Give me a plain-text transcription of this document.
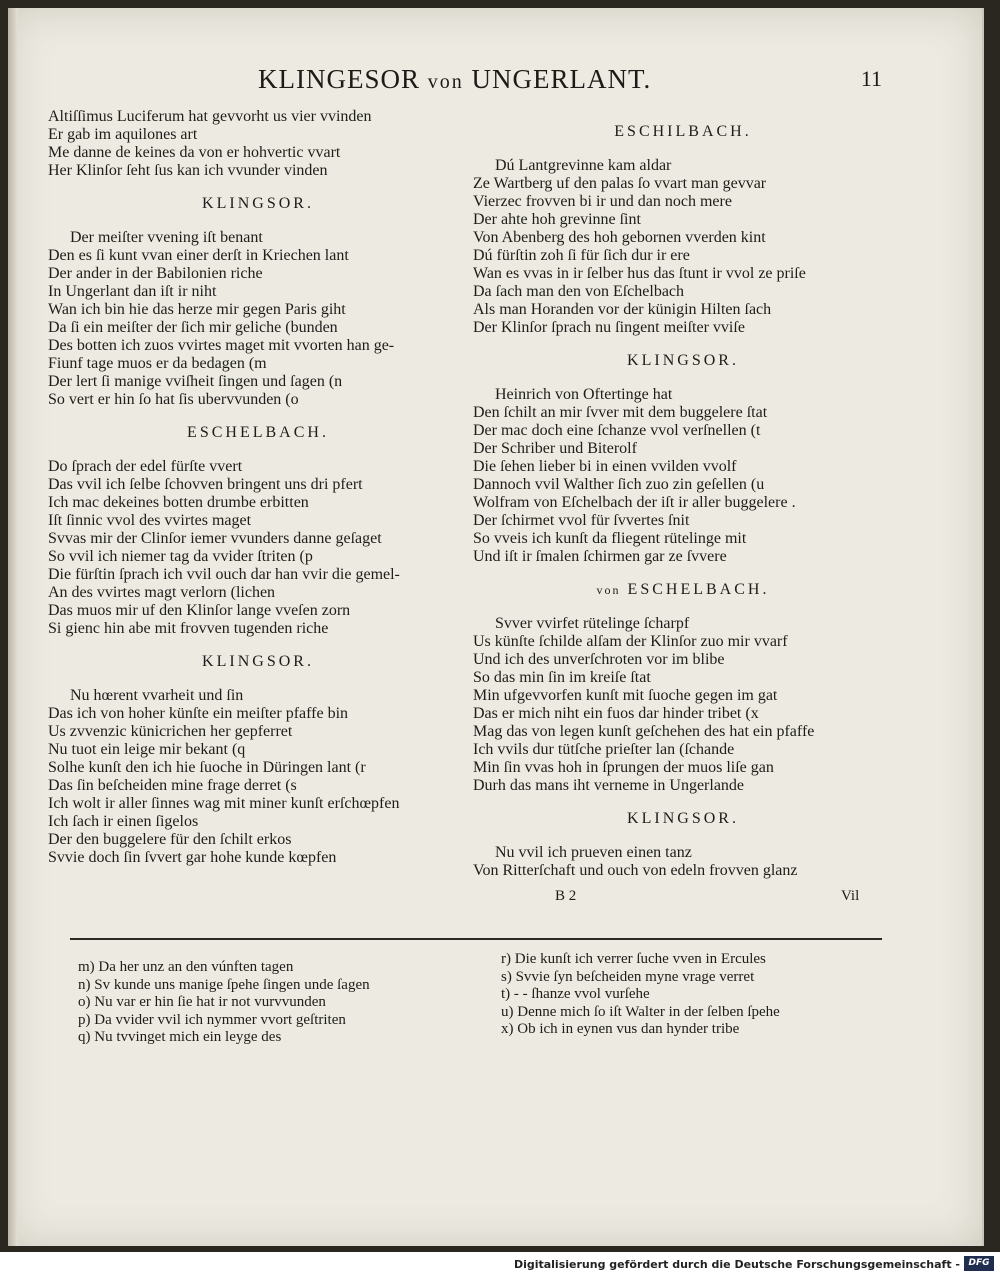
KLINGESOR von UNGERLANT.	11
Altiſſimus Luciferum hat gevvorht us vier vvinden
Er gab im aquilones art
Me danne de keines da von er hohvertic vvart
Her Klinſor ſeht ſus kan ich vvunder vinden
KLINGSOR.
Der meiſter vvening iſt benant
Den es ſi kunt vvan einer derſt in Kriechen lant
Der ander in der Babilonien riche
In Ungerlant dan iſt ir niht
Wan ich bin hie das herze mir gegen Paris giht
Da ſi ein meiſter der ſich mir geliche (bunden
Des botten ich zuos vvirtes maget mit vvorten han ge-
Fiunf tage muos er da bedagen (m
Der lert ſi manige vviſheit ſingen und ſagen (n
So vert er hin ſo hat ſis ubervvunden (o
ESCHELBACH.
Do ſprach der edel fürſte vvert
Das vvil ich ſelbe ſchovven bringent uns dri pfert
Ich mac dekeines botten drumbe erbitten
Iſt ſinnic vvol des vvirtes maget
Svvas mir der Clinſor iemer vvunders danne geſaget
So vvil ich niemer tag da vvider ſtriten (p
Die fürſtin ſprach ich vvil ouch dar han vvir die gemel-
An des vvirtes magt verlorn (lichen
Das muos mir uf den Klinſor lange vveſen zorn
Si gienc hin abe mit frovven tugenden riche
KLINGSOR.
Nu hœrent vvarheit und ſin
Das ich von hoher künſte ein meiſter pfaffe bin
Us zvvenzic künicrichen her gepferret
Nu tuot ein leige mir bekant (q
Solhe kunſt den ich hie ſuoche in Düringen lant (r
Das ſin beſcheiden mine frage derret (s
Ich wolt ir aller ſinnes wag mit miner kunſt erſchœpfen
Ich ſach ir einen ſigelos
Der den buggelere für den ſchilt erkos
Svvie doch ſin ſvvert gar hohe kunde kœpfen
ESCHILBACH.
Dú Lantgrevinne kam aldar
Ze Wartberg uf den palas ſo vvart man gevvar
Vierzec frovven bi ir und dan noch mere
Der ahte hoh grevinne ſint
Von Abenberg des hoh gebornen vverden kint
Dú fürſtin zoh ſi für ſich dur ir ere
Wan es vvas in ir ſelber hus das ſtunt ir vvol ze priſe
Da ſach man den von Eſchelbach
Als man Horanden vor der künigin Hilten ſach
Der Klinſor ſprach nu ſingent meiſter vviſe
KLINGSOR.
Heinrich von Oftertinge hat
Den ſchilt an mir ſvver mit dem buggelere ſtat
Der mac doch eine ſchanze vvol verſnellen (t
Der Schriber und Biterolf
Die ſehen lieber bi in einen vvilden vvolf
Dannoch vvil Walther ſich zuo zin geſellen (u
Wolfram von Eſchelbach der iſt ir aller buggelere .
Der ſchirmet vvol für ſvvertes ſnit
So vveis ich kunſt da fliegent rütelinge mit
Und iſt ir ſmalen ſchirmen gar ze ſvvere
von ESCHELBACH.
Svver vvirfet rütelinge ſcharpf
Us künſte ſchilde alſam der Klinſor zuo mir vvarf
Und ich des unverſchroten vor im blibe
So das min ſin im kreiſe ſtat
Min ufgevvorfen kunſt mit ſuoche gegen im gat
Das er mich niht ein fuos dar hinder tribet (x
Mag das von legen kunſt geſchehen des hat ein pfaffe
Ich vvils dur tütſche prieſter lan (ſchande
Min ſin vvas hoh in ſprungen der muos liſe gan
Durh das mans iht verneme in Ungerlande
KLINGSOR.
Nu vvil ich prueven einen tanz
Von Ritterſchaft und ouch von edeln frovven glanz
B 2	Vil
m) Da her unz an den vúnften tagen
n) Sv kunde uns manige ſpehe ſingen unde ſagen
o) Nu var er hin ſie hat ir not vurvvunden
p) Da vvider vvil ich nymmer vvort geſtriten
q) Nu tvvinget mich ein leyge des
r) Die kunſt ich verrer ſuche vven in Ercules
s) Svvie ſyn beſcheiden myne vrage verret
t) - - ſhanze vvol vurſehe
u) Denne mich ſo iſt Walter in der ſelben ſpehe
x) Ob ich in eynen vus dan hynder tribe
Digitalisierung gefördert durch die Deutsche Forschungsgemeinschaft - DFG
